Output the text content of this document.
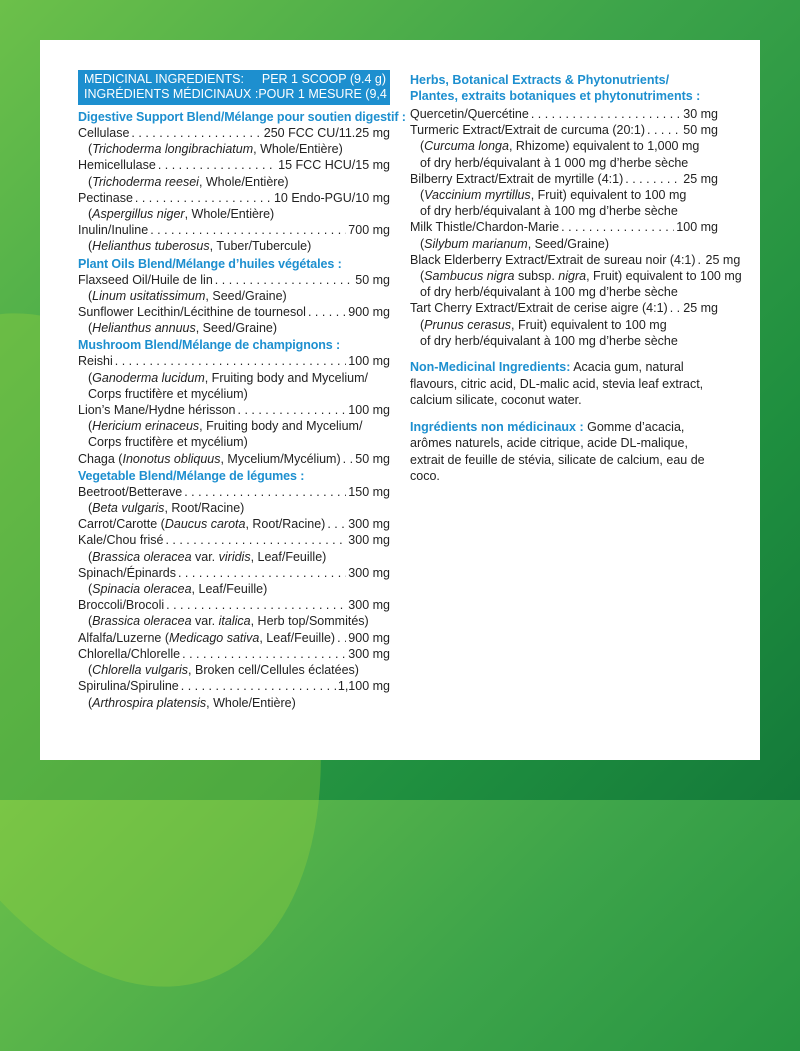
MEDICINAL INGREDIENTS: PER 1 SCOOP (9.4 g)
INGRÉDIENTS MÉDICINAUX : POUR 1 MESURE (9,4 g)
Digestive Support Blend/Mélange pour soutien digestif :
Cellulase . . .	250 FCC CU/11.25 mg
(Trichoderma longibrachiatum, Whole/Entière)
Hemicellulase . . .	15 FCC HCU/15 mg
(Trichoderma reesei, Whole/Entière)
Pectinase . . .	10 Endo-PGU/10 mg
(Aspergillus niger, Whole/Entière)
Inulin/Inuline . . .	700 mg
(Helianthus tuberosus, Tuber/Tubercule)
Plant Oils Blend/Mélange d’huiles végétales :
Flaxseed Oil/Huile de lin . . .	50 mg
(Linum usitatissimum, Seed/Graine)
Sunflower Lecithin/Lécithine de tournesol . . .	900 mg
(Helianthus annuus, Seed/Graine)
Mushroom Blend/Mélange de champignons :
Reishi . . .	100 mg
(Ganoderma lucidum, Fruiting body and Mycelium/
Corps fructifère et mycélium)
Lion’s Mane/Hydne hérisson . . .	100 mg
(Hericium erinaceus, Fruiting body and Mycelium/
Corps fructifère et mycélium)
Chaga (Inonotus obliquus, Mycelium/Mycélium) . . . 50 mg
Vegetable Blend/Mélange de légumes :
Beetroot/Betterave . . .	150 mg
(Beta vulgaris, Root/Racine)
Carrot/Carotte (Daucus carota, Root/Racine) . . . 300 mg
Kale/Chou frisé . . .	300 mg
(Brassica oleracea var. viridis, Leaf/Feuille)
Spinach/Épinards . . .	300 mg
(Spinacia oleracea, Leaf/Feuille)
Broccoli/Brocoli . . .	300 mg
(Brassica oleracea var. italica, Herb top/Sommités)
Alfalfa/Luzerne (Medicago sativa, Leaf/Feuille) . . . 900 mg
Chlorella/Chlorelle . . .	300 mg
(Chlorella vulgaris, Broken cell/Cellules éclatées)
Spirulina/Spiruline . . .	1,100 mg
(Arthrospira platensis, Whole/Entière)
Herbs, Botanical Extracts & Phytonutrients/
Plantes, extraits botaniques et phytonutriments :
Quercetin/Quercétine . . .	30 mg
Turmeric Extract/Extrait de curcuma (20:1) . . .	50 mg
(Curcuma longa, Rhizome) equivalent to 1,000 mg
of dry herb/équivalant à 1 000 mg d’herbe sèche
Bilberry Extract/Extrait de myrtille (4:1) . . .	25 mg
(Vaccinium myrtillus, Fruit) equivalent to 100 mg
of dry herb/équivalant à 100 mg d’herbe sèche
Milk Thistle/Chardon-Marie . . .	100 mg
(Silybum marianum, Seed/Graine)
Black Elderberry Extract/Extrait de sureau noir (4:1) . . . 25 mg
(Sambucus nigra subsp. nigra, Fruit) equivalent to 100 mg
of dry herb/équivalant à 100 mg d’herbe sèche
Tart Cherry Extract/Extrait de cerise aigre (4:1) . . . 25 mg
(Prunus cerasus, Fruit) equivalent to 100 mg
of dry herb/équivalant à 100 mg d’herbe sèche
Non-Medicinal Ingredients: Acacia gum, natural flavours, citric acid, DL-malic acid, stevia leaf extract, calcium silicate, coconut water.
Ingrédients non médicinaux : Gomme d’acacia, arômes naturels, acide citrique, acide DL-malique, extrait de feuille de stévia, silicate de calcium, eau de coco.
